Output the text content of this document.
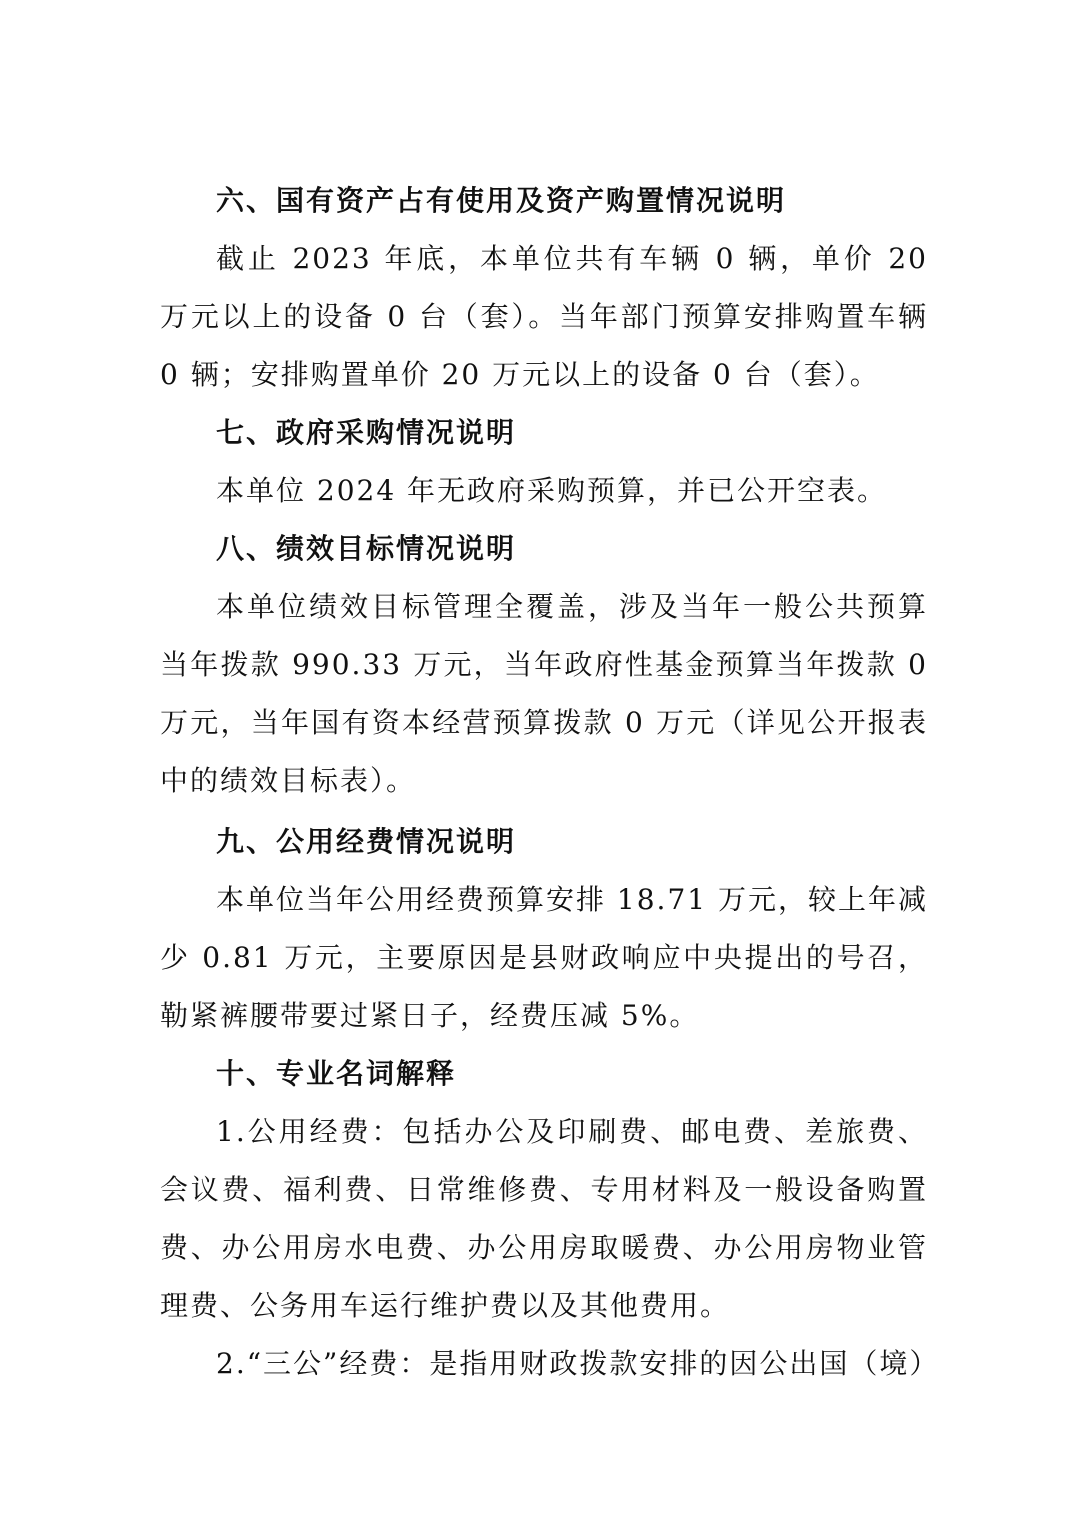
六、国有资产占有使用及资产购置情况说明

截止 2023 年底，本单位共有车辆 0 辆，单价 20 万元以上的设备 0 台（套）。当年部门预算安排购置车辆 0 辆；安排购置单价 20 万元以上的设备 0 台（套）。

七、政府采购情况说明

本单位 2024 年无政府采购预算，并已公开空表。

八、绩效目标情况说明

本单位绩效目标管理全覆盖，涉及当年一般公共预算当年拨款 990.33 万元，当年政府性基金预算当年拨款 0 万元，当年国有资本经营预算拨款 0 万元（详见公开报表中的绩效目标表）。

九、公用经费情况说明

本单位当年公用经费预算安排 18.71 万元，较上年减少 0.81 万元，主要原因是县财政响应中央提出的号召，勒紧裤腰带要过紧日子，经费压减 5%。

十、专业名词解释

1.公用经费：包括办公及印刷费、邮电费、差旅费、会议费、福利费、日常维修费、专用材料及一般设备购置费、办公用房水电费、办公用房取暖费、办公用房物业管理费、公务用车运行维护费以及其他费用。

2.“三公”经费：是指用财政拨款安排的因公出国（境）
